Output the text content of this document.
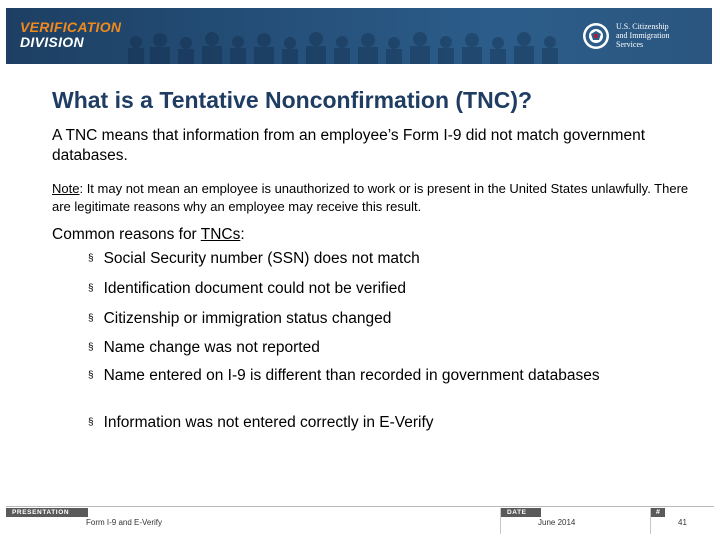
VERIFICATION
DIVISION
U.S. Citizenship
and Immigration
Services
What is a Tentative Nonconfirmation (TNC)?
A TNC means that information from an employee’s Form I-9 did not match government databases.
Note: It may not mean an employee is unauthorized to work or is present in the United States unlawfully. There are legitimate reasons why an employee may receive this result.
Common reasons for TNCs:
§ Social Security number (SSN) does not match
§ Identification document could not be verified
§ Citizenship or immigration status changed
§ Name change was not reported
§ Name entered on I-9 is different than recorded in government databases
§ Information was not entered correctly in E-Verify
PRESENTATION
Form I-9 and E-Verify
DATE
June 2014
#
41
